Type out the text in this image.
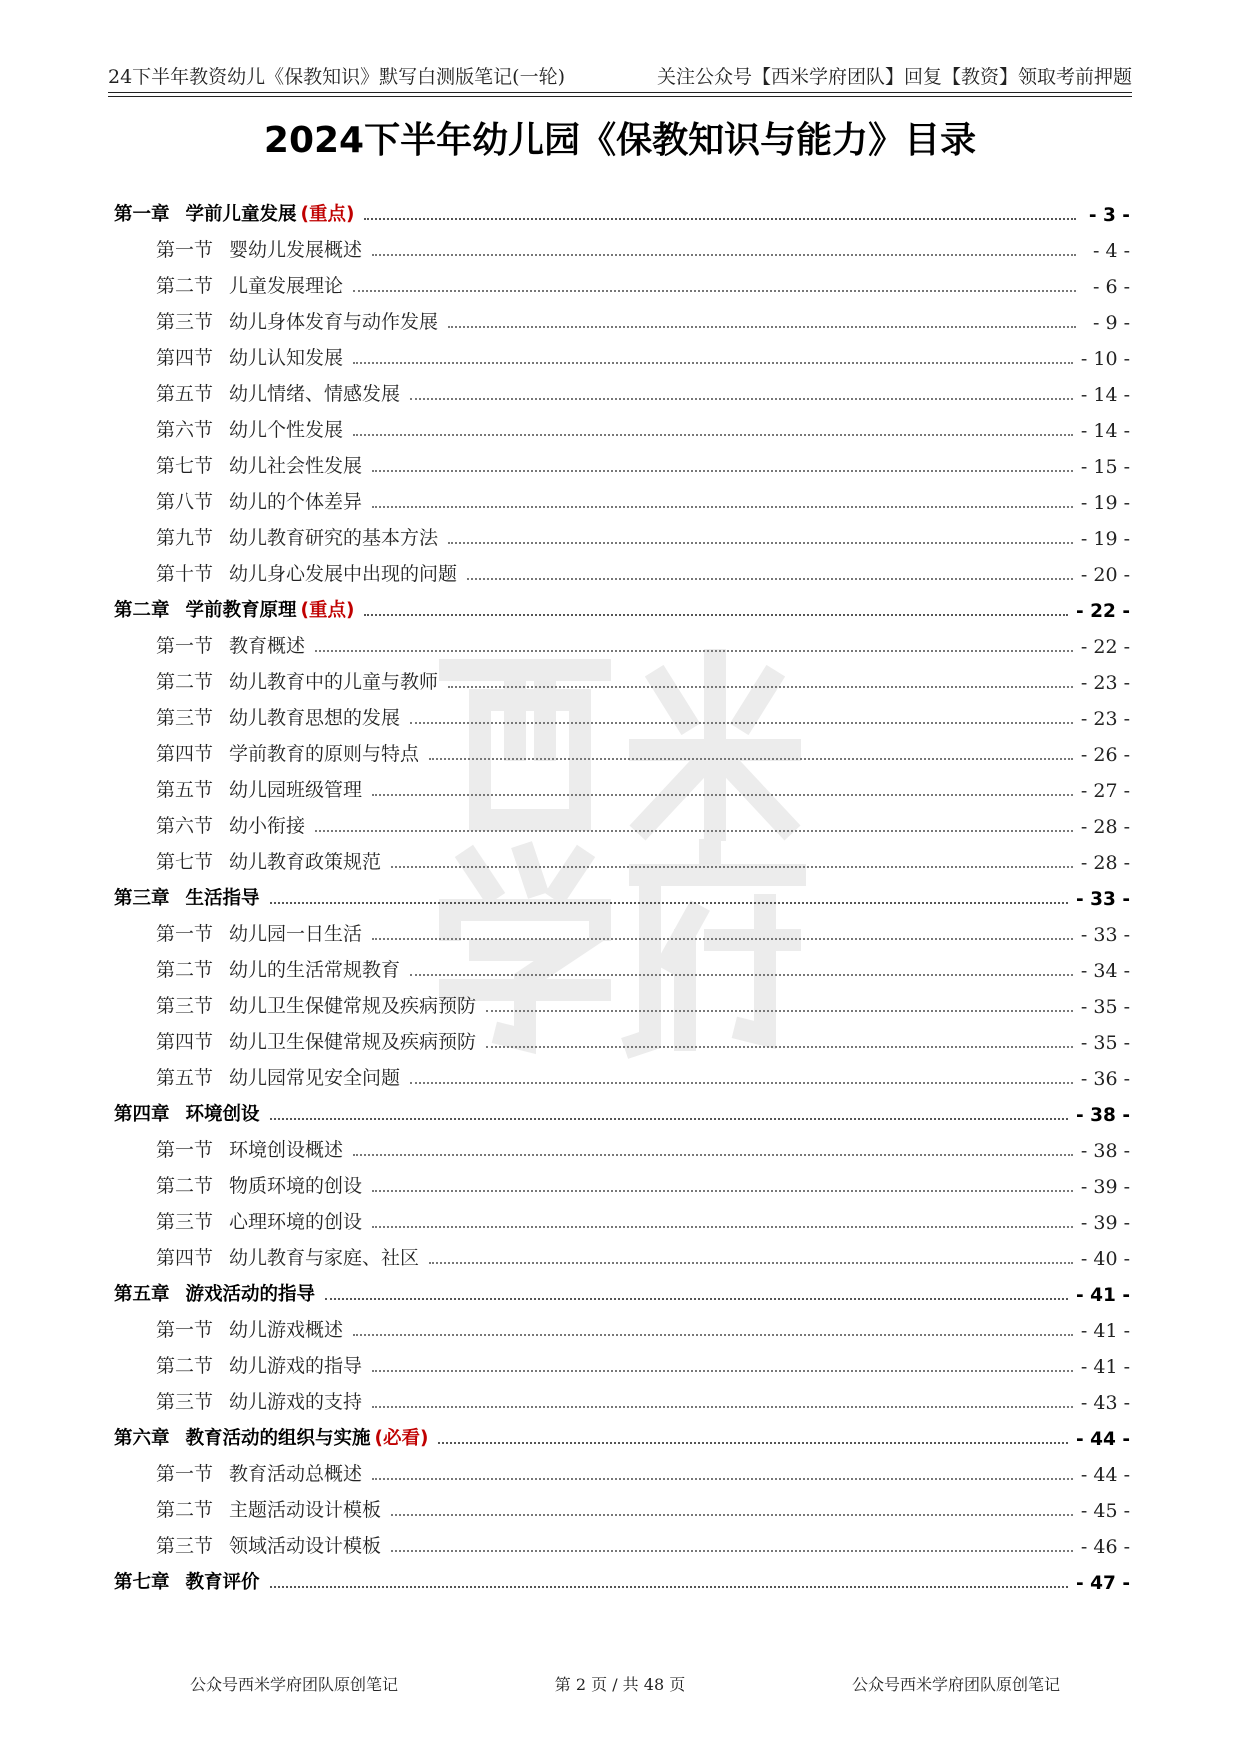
24下半年教资幼儿《保教知识》默写白测版笔记(一轮)	关注公众号【西米学府团队】回复【教资】领取考前押题
2024下半年幼儿园《保教知识与能力》目录
第一章 学前儿童发展 (重点)	- 3 -
第一节 婴幼儿发展概述	- 4 -
第二节 儿童发展理论	- 6 -
第三节 幼儿身体发育与动作发展	- 9 -
第四节 幼儿认知发展	- 10 -
第五节 幼儿情绪、情感发展	- 14 -
第六节 幼儿个性发展	- 14 -
第七节 幼儿社会性发展	- 15 -
第八节 幼儿的个体差异	- 19 -
第九节 幼儿教育研究的基本方法	- 19 -
第十节 幼儿身心发展中出现的问题	- 20 -
第二章 学前教育原理 (重点)	- 22 -
第一节 教育概述	- 22 -
第二节 幼儿教育中的儿童与教师	- 23 -
第三节 幼儿教育思想的发展	- 23 -
第四节 学前教育的原则与特点	- 26 -
第五节 幼儿园班级管理	- 27 -
第六节 幼小衔接	- 28 -
第七节 幼儿教育政策规范	- 28 -
第三章 生活指导	- 33 -
第一节 幼儿园一日生活	- 33 -
第二节 幼儿的生活常规教育	- 34 -
第三节 幼儿卫生保健常规及疾病预防	- 35 -
第四节 幼儿卫生保健常规及疾病预防	- 35 -
第五节 幼儿园常见安全问题	- 36 -
第四章 环境创设	- 38 -
第一节 环境创设概述	- 38 -
第二节 物质环境的创设	- 39 -
第三节 心理环境的创设	- 39 -
第四节 幼儿教育与家庭、社区	- 40 -
第五章 游戏活动的指导	- 41 -
第一节 幼儿游戏概述	- 41 -
第二节 幼儿游戏的指导	- 41 -
第三节 幼儿游戏的支持	- 43 -
第六章 教育活动的组织与实施 (必看)	- 44 -
第一节 教育活动总概述	- 44 -
第二节 主题活动设计模板	- 45 -
第三节 领域活动设计模板	- 46 -
第七章 教育评价	- 47 -
公众号西米学府团队原创笔记	第 2 页 / 共 48 页	公众号西米学府团队原创笔记
